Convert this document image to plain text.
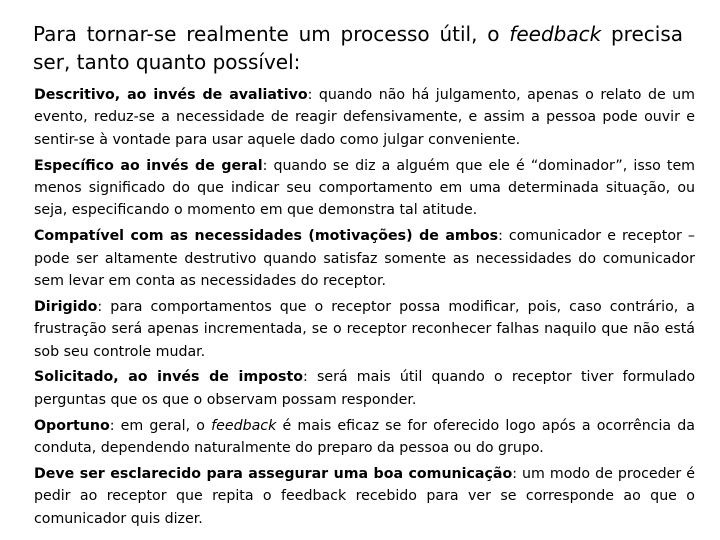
Para tornar-se realmente um processo útil, o feedback precisa
ser, tanto quanto possível:

Descritivo, ao invés de avaliativo: quando não há julgamento, apenas o relato de um evento, reduz-se a necessidade de reagir defensivamente, e assim a pessoa pode ouvir e sentir-se à vontade para usar aquele dado como julgar conveniente.

Específico ao invés de geral: quando se diz a alguém que ele é “dominador”, isso tem menos significado do que indicar seu comportamento em uma determinada situação, ou seja, especificando o momento em que demonstra tal atitude.

Compatível com as necessidades (motivações) de ambos: comunicador e receptor – pode ser altamente destrutivo quando satisfaz somente as necessidades do comunicador sem levar em conta as necessidades do receptor.

Dirigido: para comportamentos que o receptor possa modificar, pois, caso contrário, a frustração será apenas incrementada, se o receptor reconhecer falhas naquilo que não está sob seu controle mudar.

Solicitado, ao invés de imposto: será mais útil quando o receptor tiver formulado perguntas que os que o observam possam responder.

Oportuno: em geral, o feedback é mais eficaz se for oferecido logo após a ocorrência da conduta, dependendo naturalmente do preparo da pessoa ou do grupo.

Deve ser esclarecido para assegurar uma boa comunicação: um modo de proceder é pedir ao receptor que repita o feedback recebido para ver se corresponde ao que o comunicador quis dizer.
